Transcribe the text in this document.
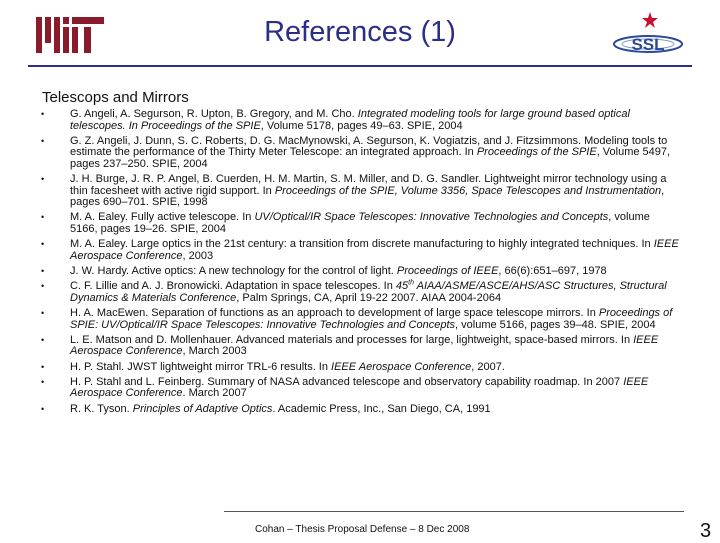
References (1)	SSL
Telescops and Mirrors
• G. Angeli, A. Segurson, R. Upton, B. Gregory, and M. Cho. Integrated modeling tools for large ground based optical telescopes. In Proceedings of the SPIE, Volume 5178, pages 49–63. SPIE, 2004
• G. Z. Angeli, J. Dunn, S. C. Roberts, D. G. MacMynowski, A. Segurson, K. Vogiatzis, and J. Fitzsimmons. Modeling tools to estimate the performance of the Thirty Meter Telescope: an integrated approach. In Proceedings of the SPIE, Volume 5497, pages 237–250. SPIE, 2004
• J. H. Burge, J. R. P. Angel, B. Cuerden, H. M. Martin, S. M. Miller, and D. G. Sandler. Lightweight mirror technology using a thin facesheet with active rigid support. In Proceedings of the SPIE, Volume 3356, Space Telescopes and Instrumentation, pages 690–701. SPIE, 1998
• M. A. Ealey. Fully active telescope. In UV/Optical/IR Space Telescopes: Innovative Technologies and Concepts, volume 5166, pages 19–26. SPIE, 2004
• M. A. Ealey. Large optics in the 21st century: a transition from discrete manufacturing to highly integrated techniques. In IEEE Aerospace Conference, 2003
• J. W. Hardy. Active optics: A new technology for the control of light. Proceedings of IEEE, 66(6):651–697, 1978
• C. F. Lillie and A. J. Bronowicki. Adaptation in space telescopes. In 45th AIAA/ASME/ASCE/AHS/ASC Structures, Structural Dynamics & Materials Conference, Palm Springs, CA, April 19-22 2007. AIAA 2004-2064
• H. A. MacEwen. Separation of functions as an approach to development of large space telescope mirrors. In Proceedings of SPIE: UV/Optical/IR Space Telescopes: Innovative Technologies and Concepts, volume 5166, pages 39–48. SPIE, 2004
• L. E. Matson and D. Mollenhauer. Advanced materials and processes for large, lightweight, space-based mirrors. In IEEE Aerospace Conference, March 2003
• H. P. Stahl. JWST lightweight mirror TRL-6 results. In IEEE Aerospace Conference, 2007.
• H. P. Stahl and L. Feinberg. Summary of NASA advanced telescope and observatory capability roadmap. In 2007 IEEE Aerospace Conference. March 2007
• R. K. Tyson. Principles of Adaptive Optics. Academic Press, Inc., San Diego, CA, 1991
Cohan – Thesis Proposal Defense – 8 Dec 2008	3
